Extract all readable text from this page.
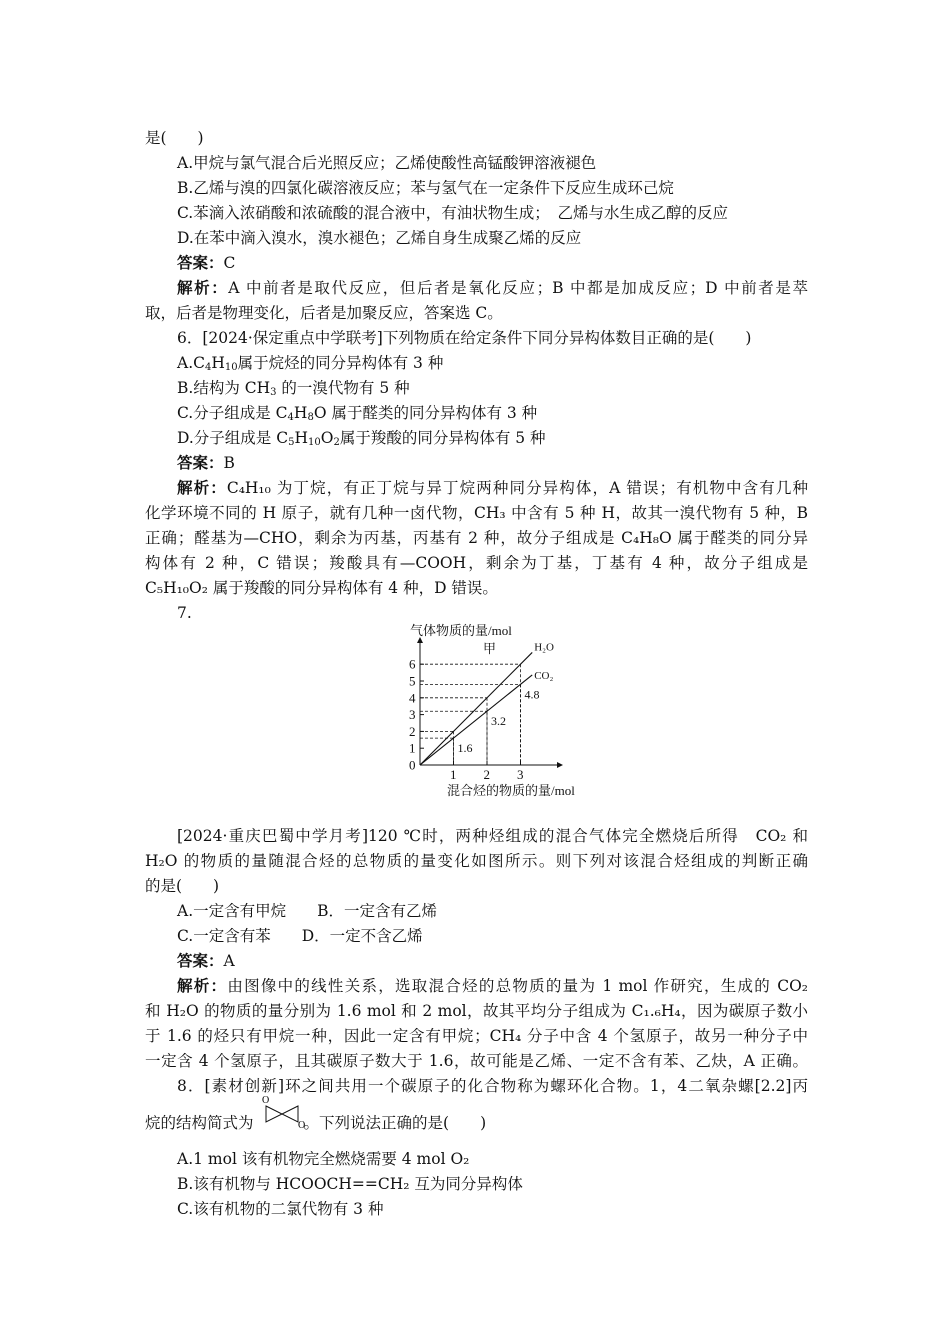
是(　　)
A.甲烷与氯气混合后光照反应；乙烯使酸性高锰酸钾溶液褪色
B.乙烯与溴的四氯化碳溶液反应；苯与氢气在一定条件下反应生成环己烷
C.苯滴入浓硝酸和浓硫酸的混合液中，有油状物生成；　乙烯与水生成乙醇的反应
D.在苯中滴入溴水，溴水褪色；乙烯自身生成聚乙烯的反应
答案：C
解析：A 中前者是取代反应，但后者是氧化反应；B 中都是加成反应；D 中前者是萃
取，后者是物理变化，后者是加聚反应，答案选 C。
6．[2024·保定重点中学联考]下列物质在给定条件下同分异构体数目正确的是(　　)
$A.C_4H_{10}$属于烷烃的同分异构体有 3 种
B.结构为 $CH_3$ 的一溴代物有 5 种
C.分子组成是 $C_4H_8O$ 属于醛类的同分异构体有 3 种
D.分子组成是 $C_5H_{10}O_2$属于羧酸的同分异构体有 5 种
答案：B
解析：C₄H₁₀ 为丁烷，有正丁烷与异丁烷两种同分异构体，A 错误；有机物中含有几种
化学环境不同的 H 原子，就有几种一卤代物，CH₃ 中含有 5 种 H，故其一溴代物有 5 种，B
正确；醛基为—CHO，剩余为丙基，丙基有 2 种，故分子组成是 C₄H₈O 属于醛类的同分异
构体有 2 种，C 错误；羧酸具有—COOH，剩余为丁基，丁基有 4 种，故分子组成是
C₅H₁₀O₂ 属于羧酸的同分异构体有 4 种，D 错误。
7.
0
1
2
3
4
5
6
1 2 3
H₂O
CO₂
1.6
3.2
4.8
气体物质的量/mol
甲
混合烃的物质的量/mol
[2024·重庆巴蜀中学月考]120 ℃时，两种烃组成的混合气体完全燃烧后所得　CO₂ 和
H₂O 的物质的量随混合烃的总物质的量变化如图所示。则下列对该混合烃组成的判断正确
的是(　　)
A.一定含有甲烷　　B．一定含有乙烯
C.一定含有苯　　D．一定不含乙烯
答案：A
解析：由图像中的线性关系，选取混合烃的总物质的量为 1 mol 作研究，生成的 CO₂
和 H₂O 的物质的量分别为 1.6 mol 和 2 mol，故其平均分子组成为 C₁.₆H₄，因为碳原子数小
于 1.6 的烃只有甲烷一种，因此一定含有甲烷；CH₄ 分子中含 4 个氢原子，故另一种分子中
一定含 4 个氢原子，且其碳原子数大于 1.6，故可能是乙烯、一定不含有苯、乙炔，A 正确。
8．[素材创新]环之间共用一个碳原子的化合物称为螺环化合物。1，4二氧杂螺[2.2]丙
烷的结构简式为	。下列说法正确的是(　　)
O
O
A.1 mol 该有机物完全燃烧需要 4 mol O₂
B.该有机物与 HCOOCH==CH₂ 互为同分异构体
C.该有机物的二氯代物有 3 种
